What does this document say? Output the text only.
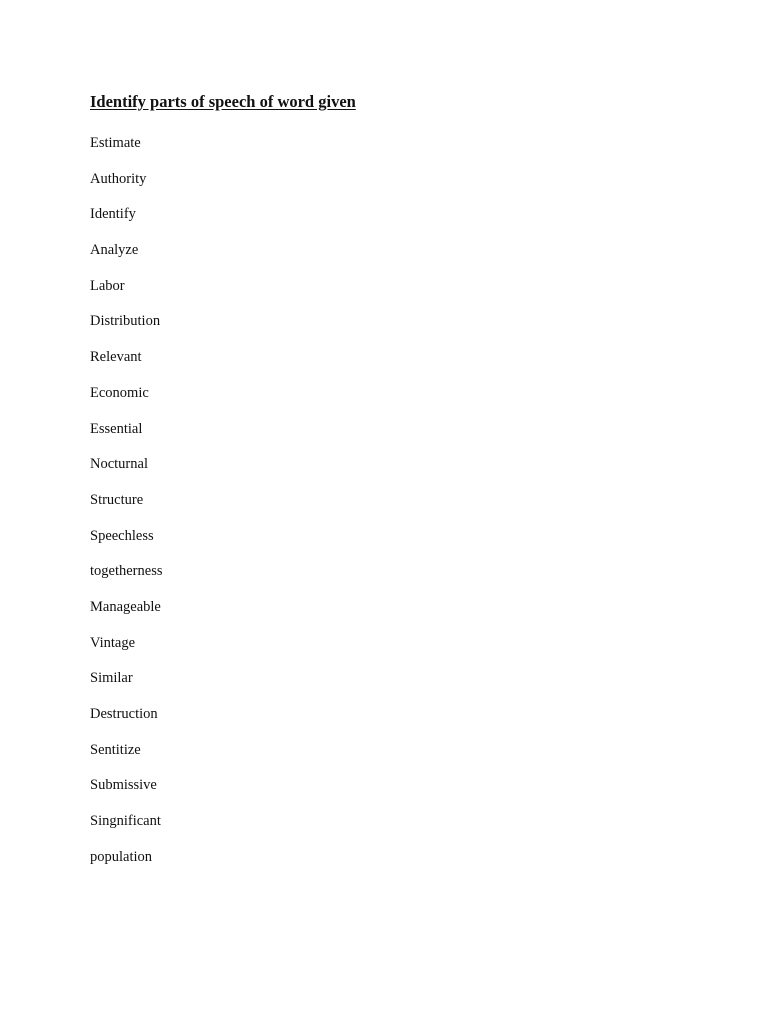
Identify parts of speech of word given
Estimate
Authority
Identify
Analyze
Labor
Distribution
Relevant
Economic
Essential
Nocturnal
Structure
Speechless
togetherness
Manageable
Vintage
Similar
Destruction
Sentitize
Submissive
Singnificant
population
